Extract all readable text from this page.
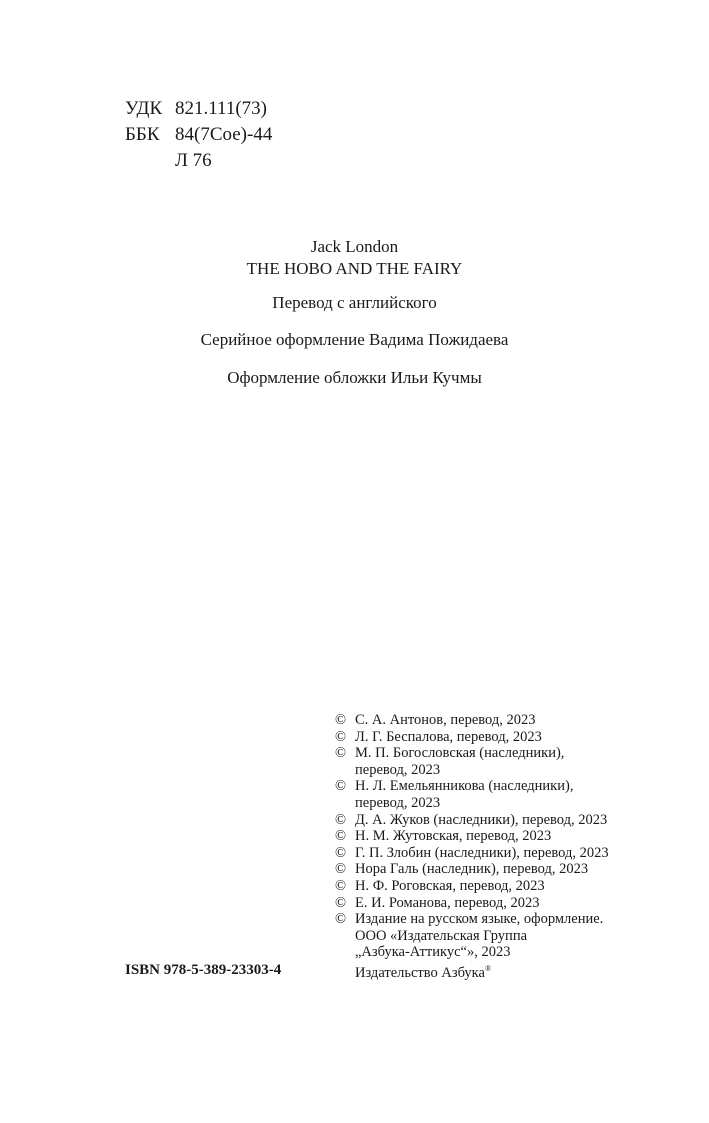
УДК 821.111(73)
ББК 84(7Сое)-44
Л 76
Jack London
THE HOBO AND THE FAIRY
Перевод с английского
Серийное оформление Вадима Пожидаева
Оформление обложки Ильи Кучмы
© С. А. Антонов, перевод, 2023
© Л. Г. Беспалова, перевод, 2023
© М. П. Богословская (наследники),
перевод, 2023
© Н. Л. Емельянникова (наследники),
перевод, 2023
© Д. А. Жуков (наследники), перевод, 2023
© Н. М. Жутовская, перевод, 2023
© Г. П. Злобин (наследники), перевод, 2023
© Нора Галь (наследник), перевод, 2023
© Н. Ф. Роговская, перевод, 2023
© Е. И. Романова, перевод, 2023
© Издание на русском языке, оформление.
ООО «Издательская Группа
„Азбука-Аттикус“», 2023
Издательство Азбука®
ISBN 978-5-389-23303-4
